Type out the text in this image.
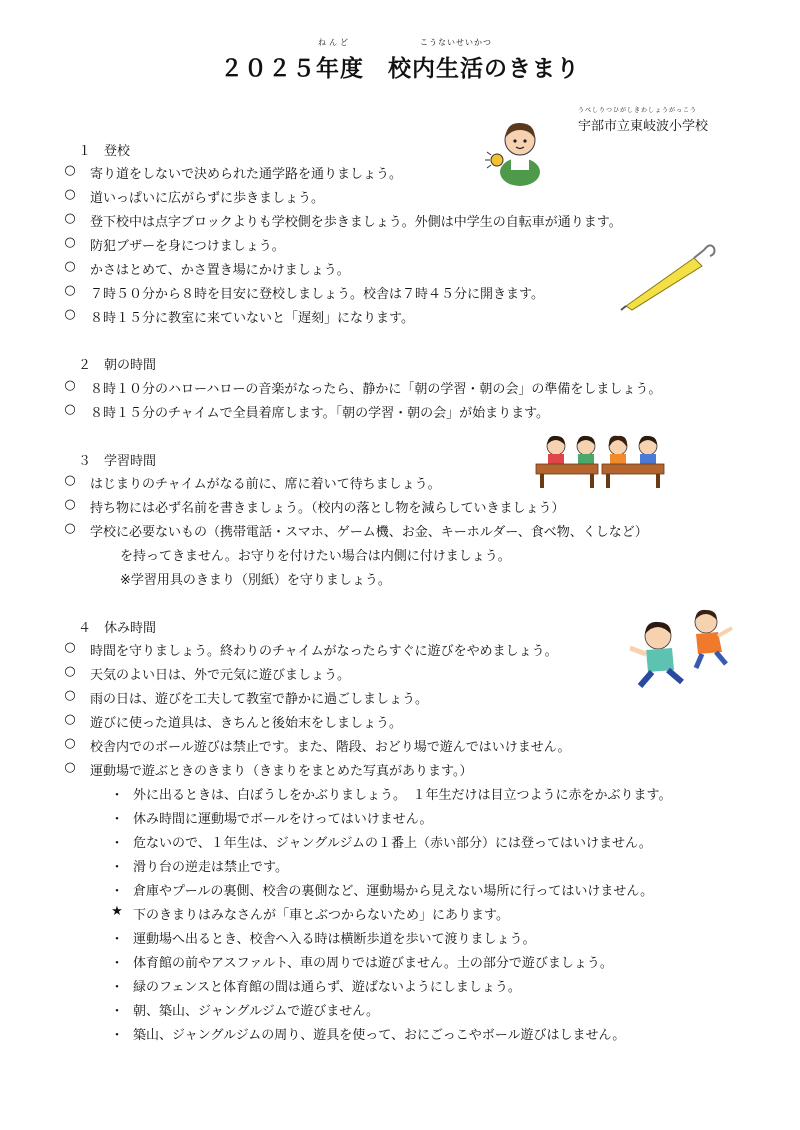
ねんど	こうないせいかつ
２０２５年度　校内生活のきまり
うべしりつひがしきわしょうがっこう
宇部市立東岐波小学校
１ 登校
○	寄り道をしないで決められた通学路を通りましょう。
○	道いっぱいに広がらずに歩きましょう。
○	登下校中は点字ブロックよりも学校側を歩きましょう。外側は中学生の自転車が通ります。
○	防犯ブザーを身につけましょう。
○	かさはとめて、かさ置き場にかけましょう。
○	７時５０分から８時を目安に登校しましょう。校舎は７時４５分に開きます。
○	８時１５分に教室に来ていないと「遅刻」になります。
２ 朝の時間
○	８時１０分のハローハローの音楽がなったら、静かに「朝の学習・朝の会」の準備をしましょう。
○	８時１５分のチャイムで全員着席します。「朝の学習・朝の会」が始まります。
３ 学習時間
○	はじまりのチャイムがなる前に、席に着いて待ちましょう。
○	持ち物には必ず名前を書きましょう。（校内の落とし物を減らしていきましょう）
○	学校に必要ないもの（携帯電話・スマホ、ゲーム機、お金、キーホルダー、食べ物、くしなど）
を持ってきません。お守りを付けたい場合は内側に付けましょう。
※学習用具のきまり（別紙）を守りましょう。
４ 休み時間
○	時間を守りましょう。終わりのチャイムがなったらすぐに遊びをやめましょう。
○	天気のよい日は、外で元気に遊びましょう。
○	雨の日は、遊びを工夫して教室で静かに過ごしましょう。
○	遊びに使った道具は、きちんと後始末をしましょう。
○	校舎内でのボール遊びは禁止です。また、階段、おどり場で遊んではいけません。
○	運動場で遊ぶときのきまり（きまりをまとめた写真があります。）
・ 外に出るときは、白ぼうしをかぶりましょう。　１年生だけは目立つように赤をかぶります。
・ 休み時間に運動場でボールをけってはいけません。
・ 危ないので、１年生は、ジャングルジムの１番上（赤い部分）には登ってはいけません。
・ 滑り台の逆走は禁止です。
・ 倉庫やプールの裏側、校舎の裏側など、運動場から見えない場所に行ってはいけません。
★ 下のきまりはみなさんが「車とぶつからないため」にあります。
・ 運動場へ出るとき、校舎へ入る時は横断歩道を歩いて渡りましょう。
・ 体育館の前やアスファルト、車の周りでは遊びません。土の部分で遊びましょう。
・ 緑のフェンスと体育館の間は通らず、遊ばないようにしましょう。
・ 朝、築山、ジャングルジムで遊びません。
・ 築山、ジャングルジムの周り、遊具を使って、おにごっこやボール遊びはしません。
